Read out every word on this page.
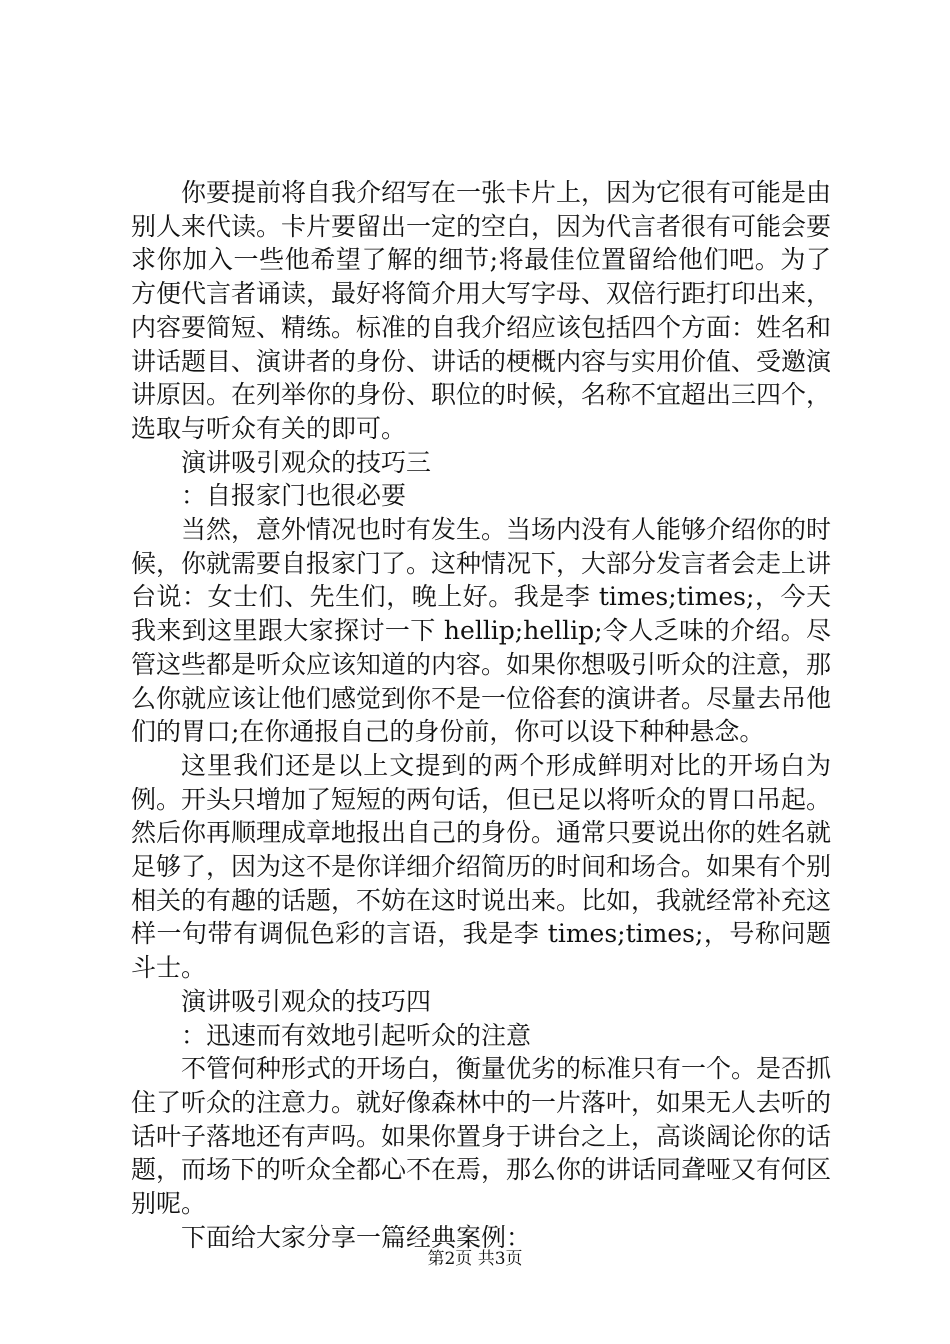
你要提前将自我介绍写在一张卡片上，因为它很有可能是由别人来代读。卡片要留出一定的空白，因为代言者很有可能会要求你加入一些他希望了解的细节;将最佳位置留给他们吧。为了方便代言者诵读，最好将简介用大写字母、双倍行距打印出来，内容要简短、精练。标准的自我介绍应该包括四个方面：姓名和讲话题目、演讲者的身份、讲话的梗概内容与实用价值、受邀演讲原因。在列举你的身份、职位的时候，名称不宜超出三四个，选取与听众有关的即可。

演讲吸引观众的技巧三

：自报家门也很必要

当然，意外情况也时有发生。当场内没有人能够介绍你的时候，你就需要自报家门了。这种情况下，大部分发言者会走上讲台说：女士们、先生们，晚上好。我是李 times;times;，今天我来到这里跟大家探讨一下 hellip;hellip;令人乏味的介绍。尽管这些都是听众应该知道的内容。如果你想吸引听众的注意，那么你就应该让他们感觉到你不是一位俗套的演讲者。尽量去吊他们的胃口;在你通报自己的身份前，你可以设下种种悬念。

这里我们还是以上文提到的两个形成鲜明对比的开场白为例。开头只增加了短短的两句话，但已足以将听众的胃口吊起。然后你再顺理成章地报出自己的身份。通常只要说出你的姓名就足够了，因为这不是你详细介绍简历的时间和场合。如果有个别相关的有趣的话题，不妨在这时说出来。比如，我就经常补充这样一句带有调侃色彩的言语，我是李 times;times;，号称问题斗士。

演讲吸引观众的技巧四

：迅速而有效地引起听众的注意

不管何种形式的开场白，衡量优劣的标准只有一个。是否抓住了听众的注意力。就好像森林中的一片落叶，如果无人去听的话叶子落地还有声吗。如果你置身于讲台之上，高谈阔论你的话题，而场下的听众全都心不在焉，那么你的讲话同聋哑又有何区别呢。

下面给大家分享一篇经典案例：

第2页 共3页
